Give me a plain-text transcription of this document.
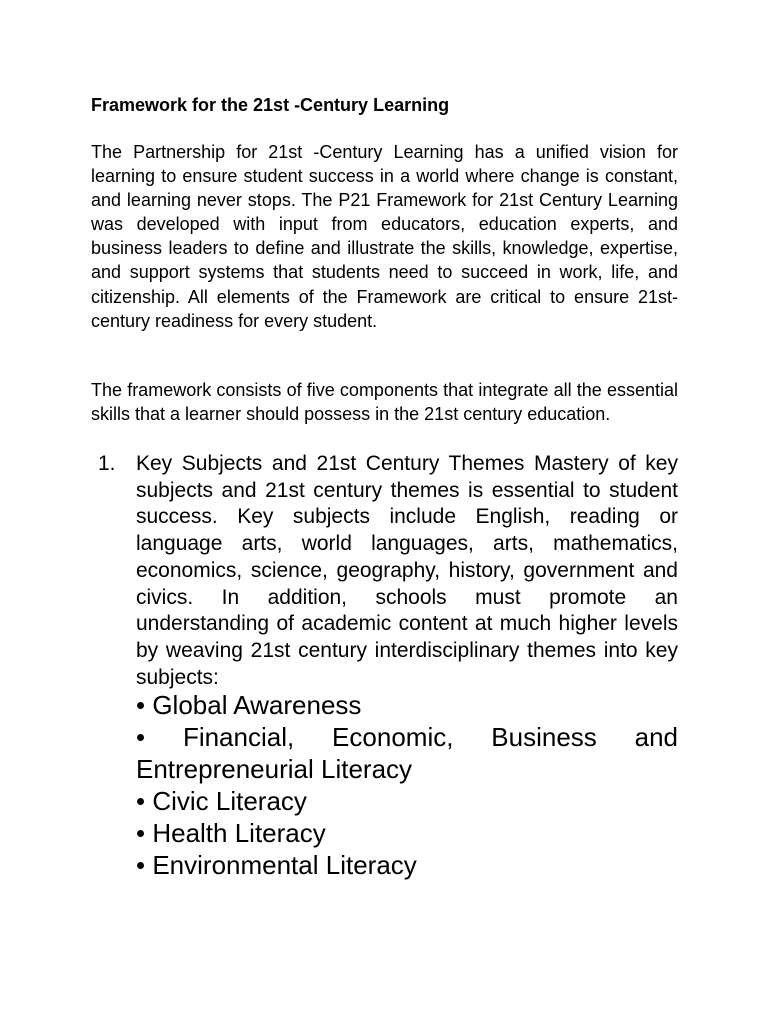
Framework for the 21st -Century Learning

The Partnership for 21st -Century Learning has a unified vision for learning to ensure student success in a world where change is constant, and learning never stops. The P21 Framework for 21st Century Learning was developed with input from educators, education experts, and business leaders to define and illustrate the skills, knowledge, expertise, and support systems that students need to succeed in work, life, and citizenship. All elements of the Framework are critical to ensure 21st-century readiness for every student.

The framework consists of five components that integrate all the essential skills that a learner should possess in the 21st century education.

1. Key Subjects and 21st Century Themes Mastery of key subjects and 21st century themes is essential to student success. Key subjects include English, reading or language arts, world languages, arts, mathematics, economics, science, geography, history, government and civics. In addition, schools must promote an understanding of academic content at much higher levels by weaving 21st century interdisciplinary themes into key subjects:
• Global Awareness
• Financial, Economic, Business and Entrepreneurial Literacy
• Civic Literacy
• Health Literacy
• Environmental Literacy
